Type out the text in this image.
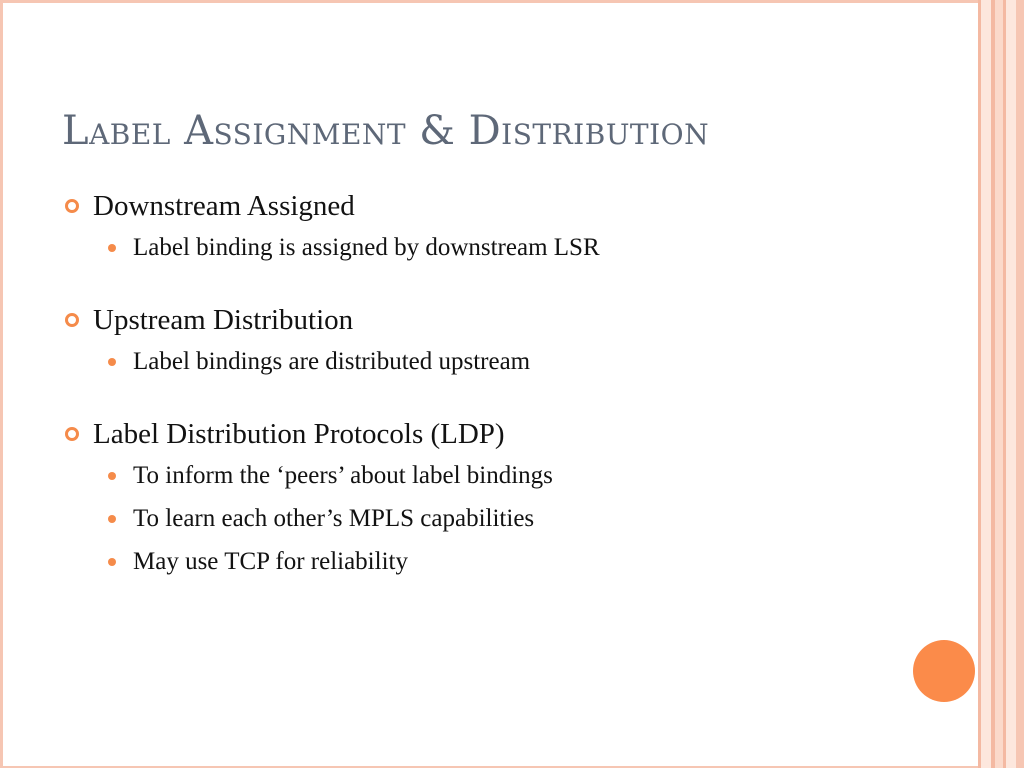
Label Assignment & Distribution
Downstream Assigned
Label binding is assigned by downstream LSR
Upstream Distribution
Label bindings are distributed upstream
Label Distribution Protocols (LDP)
To inform the ‘peers’ about label bindings
To learn each other’s MPLS capabilities
May use TCP for reliability
